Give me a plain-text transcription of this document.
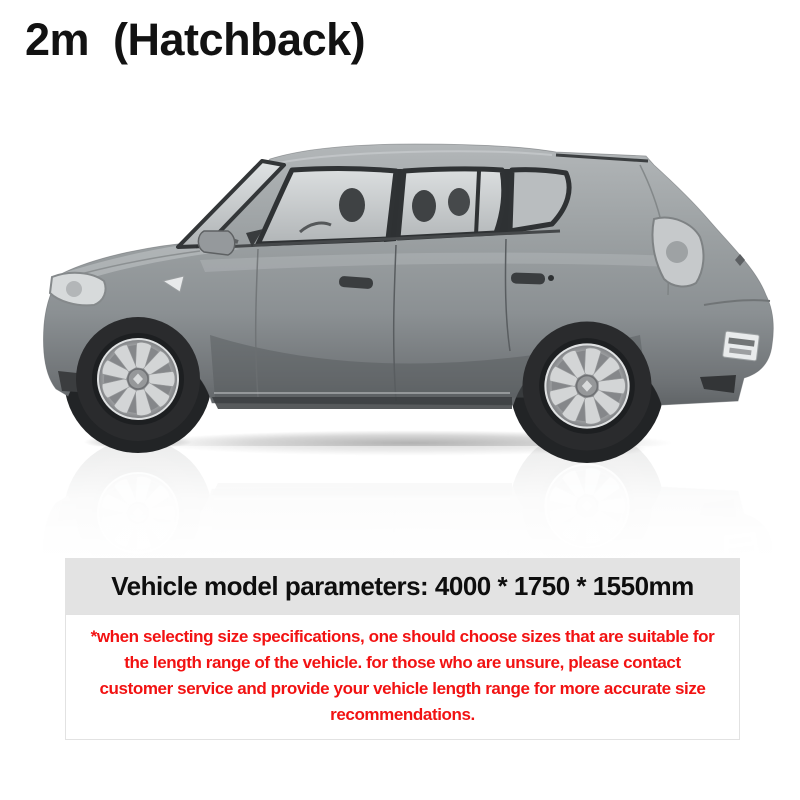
2m  (Hatchback)
Vehicle model parameters: 4000 * 1750 * 1550mm
*when selecting size specifications, one should choose sizes that are suitable for
the length range of the vehicle. for those who are unsure, please contact
customer service and provide your vehicle length range for more accurate size
recommendations.
